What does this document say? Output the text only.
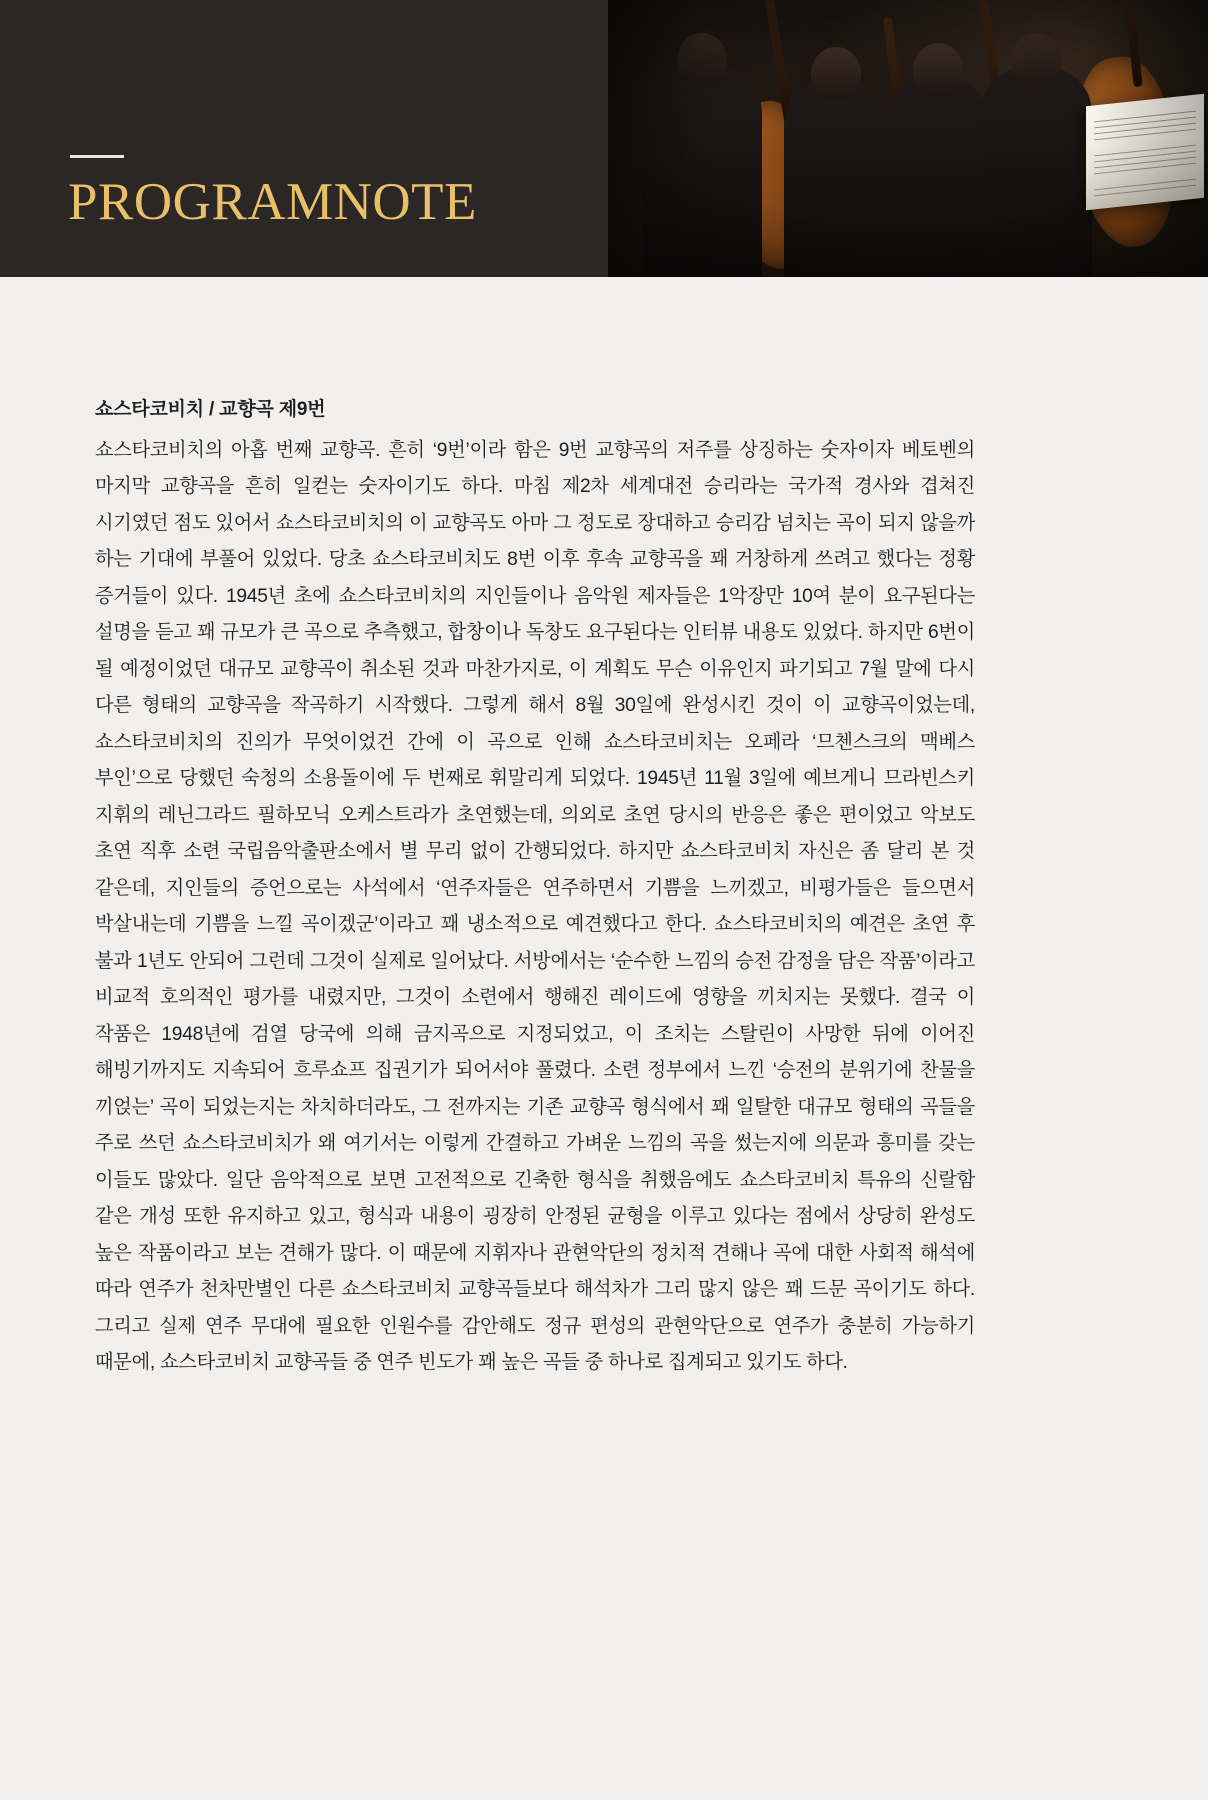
PROGRAMNOTE
쇼스타코비치 / 교향곡 제9번

쇼스타코비치의 아홉 번째 교향곡. 흔히 ‘9번’이라 함은 9번 교향곡의 저주를 상징하는 숫자이자 베토벤의 마지막 교향곡을 흔히 일컫는 숫자이기도 하다. 마침 제2차 세계대전 승리라는 국가적 경사와 겹쳐진 시기였던 점도 있어서 쇼스타코비치의 이 교향곡도 아마 그 정도로 장대하고 승리감 넘치는 곡이 되지 않을까 하는 기대에 부풀어 있었다. 당초 쇼스타코비치도 8번 이후 후속 교향곡을 꽤 거창하게 쓰려고 했다는 정황 증거들이 있다. 1945년 초에 쇼스타코비치의 지인들이나 음악원 제자들은 1악장만 10여 분이 요구된다는 설명을 듣고 꽤 규모가 큰 곡으로 추측했고, 합창이나 독창도 요구된다는 인터뷰 내용도 있었다. 하지만 6번이 될 예정이었던 대규모 교향곡이 취소된 것과 마찬가지로, 이 계획도 무슨 이유인지 파기되고 7월 말에 다시 다른 형태의 교향곡을 작곡하기 시작했다. 그렇게 해서 8월 30일에 완성시킨 것이 이 교향곡이었는데, 쇼스타코비치의 진의가 무엇이었건 간에 이 곡으로 인해 쇼스타코비치는 오페라 ‘므첸스크의 맥베스 부인’으로 당했던 숙청의 소용돌이에 두 번째로 휘말리게 되었다. 1945년 11월 3일에 예브게니 므라빈스키 지휘의 레닌그라드 필하모닉 오케스트라가 초연했는데, 의외로 초연 당시의 반응은 좋은 편이었고 악보도 초연 직후 소련 국립음악출판소에서 별 무리 없이 간행되었다. 하지만 쇼스타코비치 자신은 좀 달리 본 것 같은데, 지인들의 증언으로는 사석에서 ‘연주자들은 연주하면서 기쁨을 느끼겠고, 비평가들은 들으면서 박살내는데 기쁨을 느낄 곡이겠군’이라고 꽤 냉소적으로 예견했다고 한다. 쇼스타코비치의 예견은 초연 후 불과 1년도 안되어 그런데 그것이 실제로 일어났다. 서방에서는 ‘순수한 느낌의 승전 감정을 담은 작품’이라고 비교적 호의적인 평가를 내렸지만, 그것이 소련에서 행해진 레이드에 영향을 끼치지는 못했다. 결국 이 작품은 1948년에 검열 당국에 의해 금지곡으로 지정되었고, 이 조치는 스탈린이 사망한 뒤에 이어진 해빙기까지도 지속되어 흐루쇼프 집권기가 되어서야 풀렸다. 소련 정부에서 느낀 ‘승전의 분위기에 찬물을 끼얹는’ 곡이 되었는지는 차치하더라도, 그 전까지는 기존 교향곡 형식에서 꽤 일탈한 대규모 형태의 곡들을 주로 쓰던 쇼스타코비치가 왜 여기서는 이렇게 간결하고 가벼운 느낌의 곡을 썼는지에 의문과 흥미를 갖는 이들도 많았다. 일단 음악적으로 보면 고전적으로 긴축한 형식을 취했음에도 쇼스타코비치 특유의 신랄함 같은 개성 또한 유지하고 있고, 형식과 내용이 굉장히 안정된 균형을 이루고 있다는 점에서 상당히 완성도 높은 작품이라고 보는 견해가 많다. 이 때문에 지휘자나 관현악단의 정치적 견해나 곡에 대한 사회적 해석에 따라 연주가 천차만별인 다른 쇼스타코비치 교향곡들보다 해석차가 그리 많지 않은 꽤 드문 곡이기도 하다. 그리고 실제 연주 무대에 필요한 인원수를 감안해도 정규 편성의 관현악단으로 연주가 충분히 가능하기 때문에, 쇼스타코비치 교향곡들 중 연주 빈도가 꽤 높은 곡들 중 하나로 집계되고 있기도 하다.
